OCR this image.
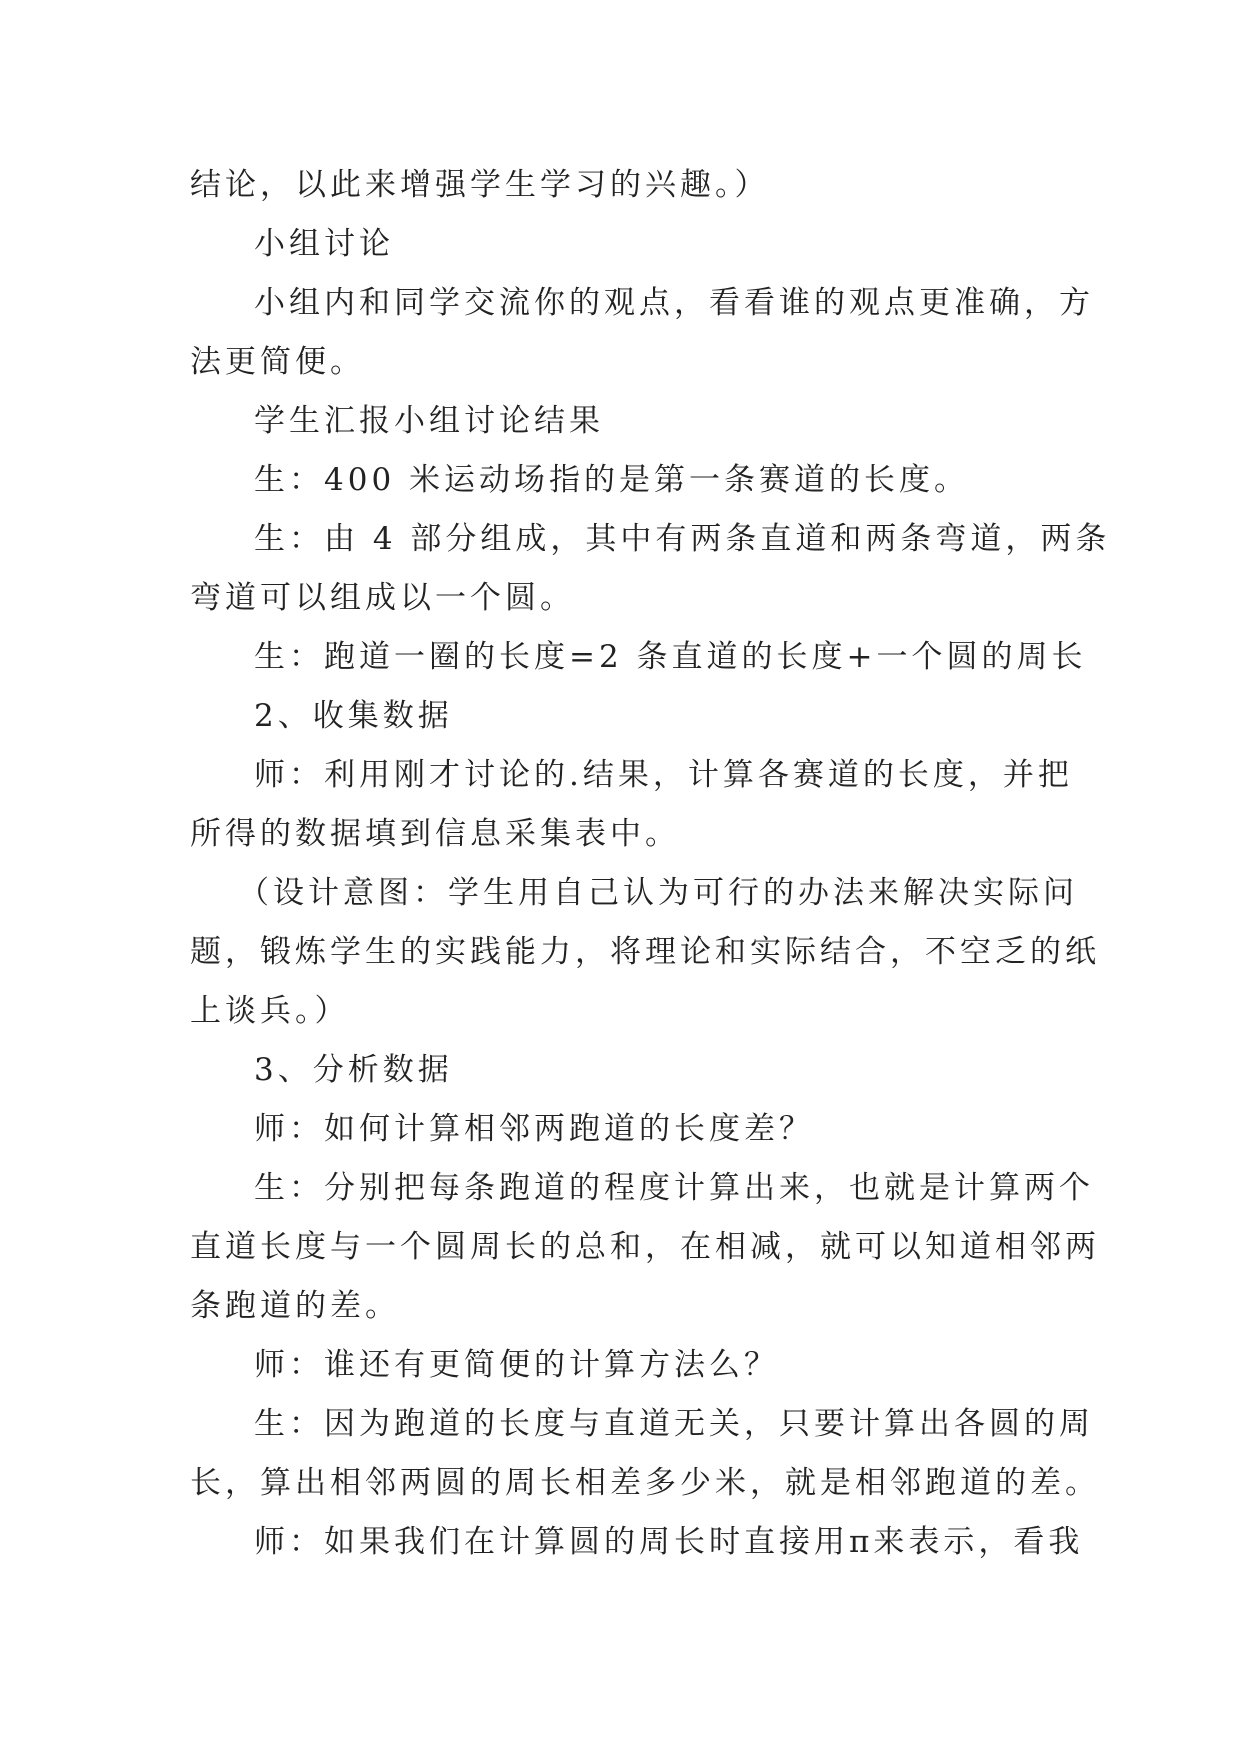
结论，以此来增强学生学习的兴趣。）
小组讨论
小组内和同学交流你的观点，看看谁的观点更准确，方
法更简便。
学生汇报小组讨论结果
生：400 米运动场指的是第一条赛道的长度。
生：由 4 部分组成，其中有两条直道和两条弯道，两条
弯道可以组成以一个圆。
生：跑道一圈的长度=2 条直道的长度+一个圆的周长
2、收集数据
师：利用刚才讨论的.结果，计算各赛道的长度，并把
所得的数据填到信息采集表中。
（设计意图：学生用自己认为可行的办法来解决实际问
题，锻炼学生的实践能力，将理论和实际结合，不空乏的纸
上谈兵。）
3、分析数据
师：如何计算相邻两跑道的长度差？
生：分别把每条跑道的程度计算出来，也就是计算两个
直道长度与一个圆周长的总和，在相减，就可以知道相邻两
条跑道的差。
师：谁还有更简便的计算方法么？
生：因为跑道的长度与直道无关，只要计算出各圆的周
长，算出相邻两圆的周长相差多少米，就是相邻跑道的差。
师：如果我们在计算圆的周长时直接用π来表示，看我
